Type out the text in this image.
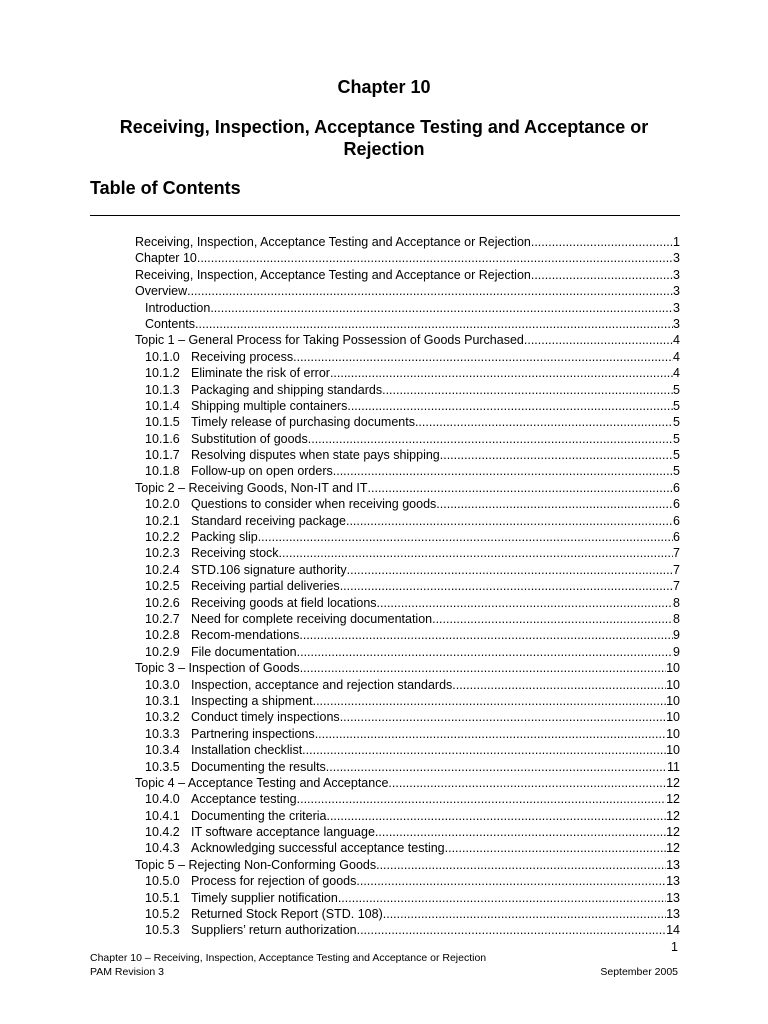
Chapter 10
Receiving, Inspection, Acceptance Testing and Acceptance or Rejection
Table of Contents
Receiving, Inspection, Acceptance Testing and Acceptance or Rejection .....	1
Chapter 10 .....	3
Receiving, Inspection, Acceptance Testing and Acceptance or Rejection .....	3
Overview .....	3
Introduction .....	3
Contents .....	3
Topic 1 – General Process for Taking Possession of Goods Purchased .....	4
10.1.0 Receiving process .....	4
10.1.2 Eliminate the risk of error .....	4
10.1.3 Packaging and shipping standards .....	5
10.1.4 Shipping multiple containers .....	5
10.1.5 Timely release of purchasing documents .....	5
10.1.6 Substitution of goods .....	5
10.1.7 Resolving disputes when state pays shipping .....	5
10.1.8 Follow-up on open orders .....	5
Topic 2 – Receiving Goods, Non-IT and IT .....	6
10.2.0 Questions to consider when receiving goods .....	6
10.2.1 Standard receiving package .....	6
10.2.2 Packing slip .....	6
10.2.3 Receiving stock .....	7
10.2.4 STD.106 signature authority .....	7
10.2.5 Receiving partial deliveries .....	7
10.2.6 Receiving goods at field locations .....	8
10.2.7 Need for complete receiving documentation .....	8
10.2.8 Recom-mendations .....	9
10.2.9 File documentation .....	9
Topic 3 – Inspection of Goods .....	10
10.3.0 Inspection, acceptance and rejection standards .....	10
10.3.1 Inspecting a shipment .....	10
10.3.2 Conduct timely inspections .....	10
10.3.3 Partnering inspections .....	10
10.3.4 Installation checklist .....	10
10.3.5 Documenting the results .....	11
Topic 4 – Acceptance Testing and Acceptance .....	12
10.4.0 Acceptance testing .....	12
10.4.1 Documenting the criteria .....	12
10.4.2 IT software acceptance language .....	12
10.4.3 Acknowledging successful acceptance testing .....	12
Topic 5 – Rejecting Non-Conforming Goods .....	13
10.5.0 Process for rejection of goods .....	13
10.5.1 Timely supplier notification .....	13
10.5.2 Returned Stock Report (STD. 108) .....	13
10.5.3 Suppliers’ return authorization .....	14
1
Chapter 10 – Receiving, Inspection, Acceptance Testing and Acceptance or Rejection
PAM Revision 3	September 2005
